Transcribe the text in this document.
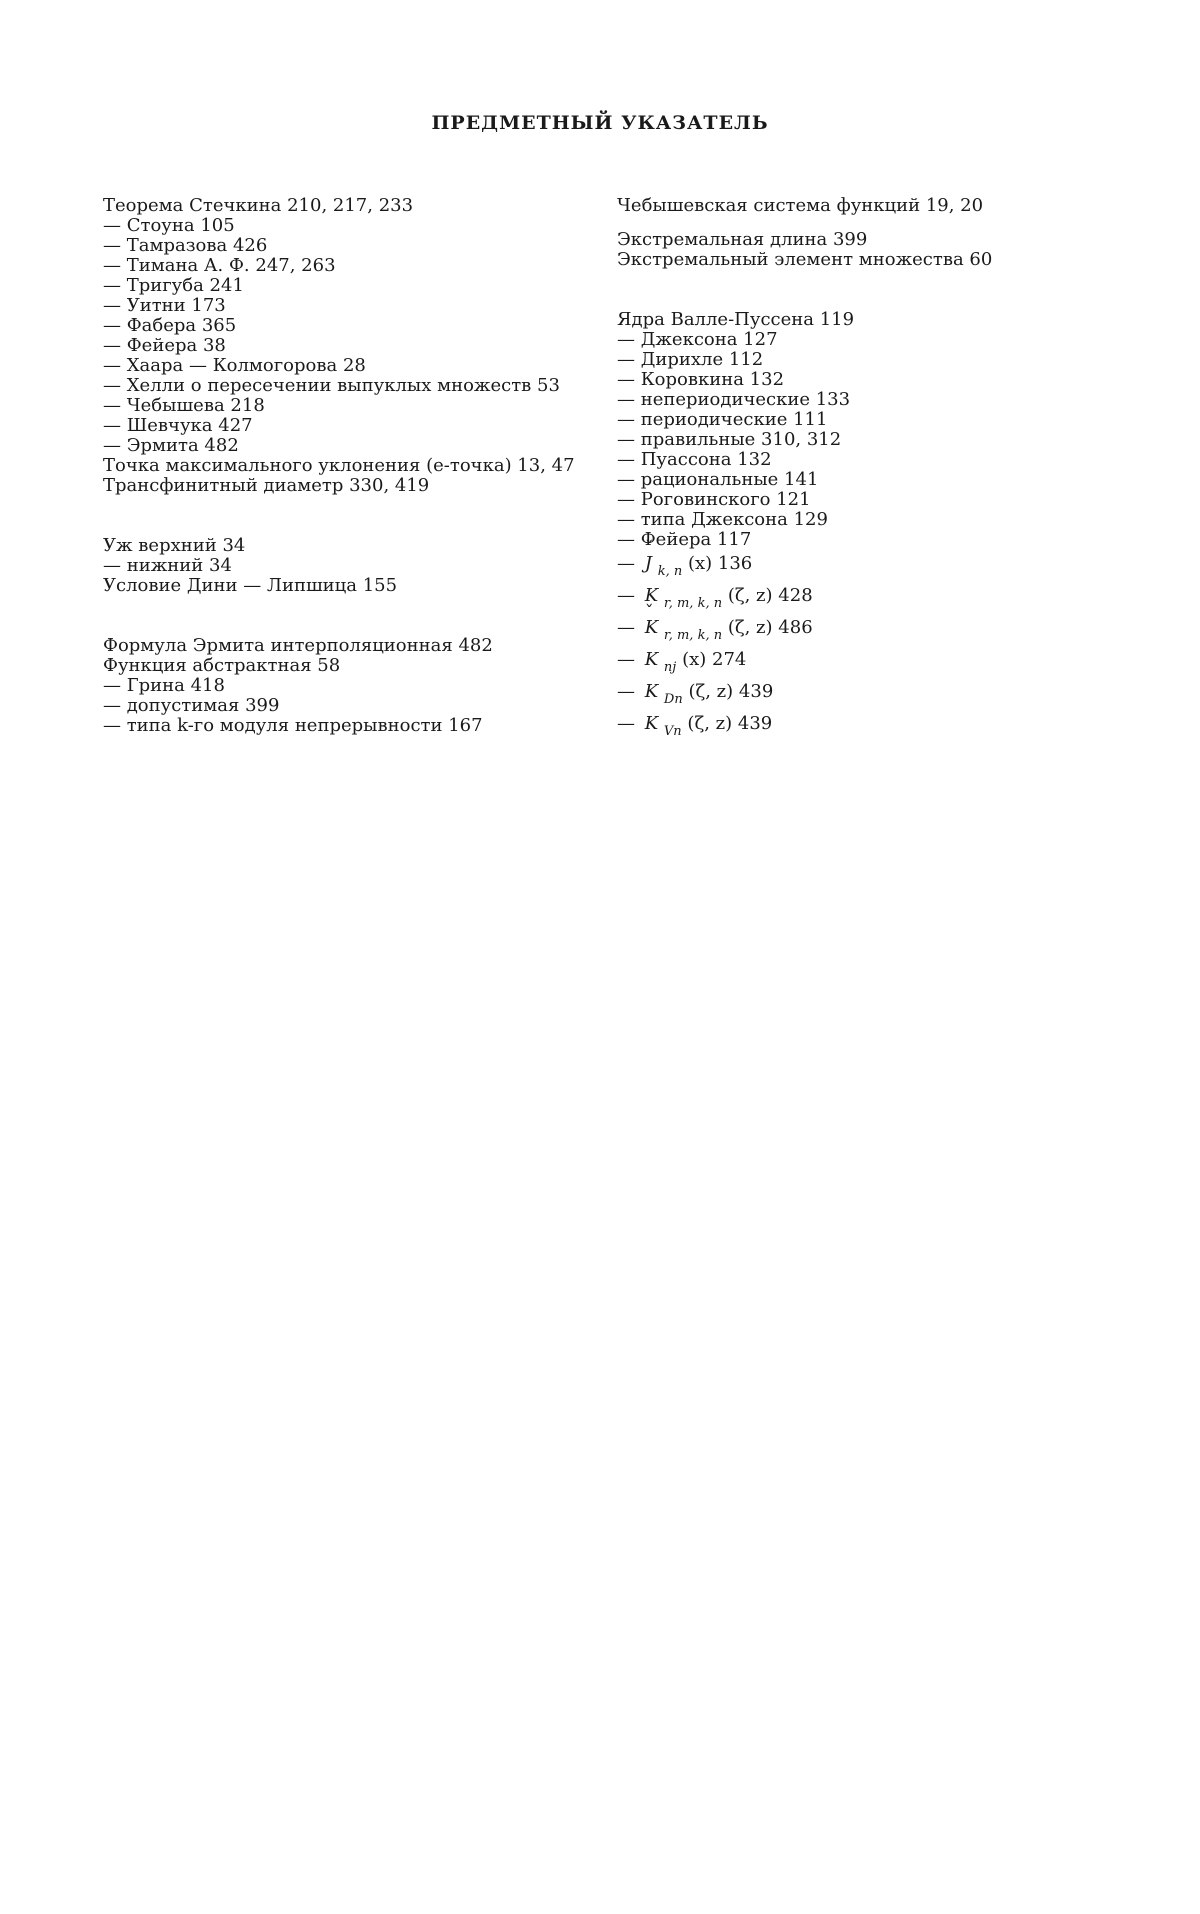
ПРЕДМЕТНЫЙ УКАЗАТЕЛЬ
Теорема Стечкина 210, 217, 233
— Стоуна 105
— Тамразова 426
— Тимана А. Ф. 247, 263
— Тригуба 241
— Уитни 173
— Фабера 365
— Фейера 38
— Хаара — Колмогорова 28
— Хелли о пересечении выпуклых множеств 53
— Чебышева 218
— Шевчука 427
— Эрмита 482
Точка максимального уклонения (e-точка) 13, 47
Трансфинитный диаметр 330, 419
Уж верхний 34
— нижний 34
Условие Дини — Липшица 155
Формула Эрмита интерполяционная 482
Функция абстрактная 58
— Грина 418
— допустимая 399
— типа k-го модуля непрерывности 167
Чебышевская система функций 19, 20
Экстремальная длина 399
Экстремальный элемент множества 60
Ядра Валле-Пуссена 119
— Джексона 127
— Дирихле 112
— Коровкина 132
— непериодические 133
— периодические 111
— правильные 310, 312
— Пуассона 132
— рациональные 141
— Роговинского 121
— типа Джексона 129
— Фейера 117
— ˇ J $_{k, n}$ (x) 136
— K $_{r, m, k, n}$ (ζ, z) 428
— ˇ K $_{r, m, k, n}$ (ζ, z) 486
— K $_{nj}$ (x) 274
— K $_{Dn}$ (ζ, z) 439
— K $_{Vn}$ (ζ, z) 439
